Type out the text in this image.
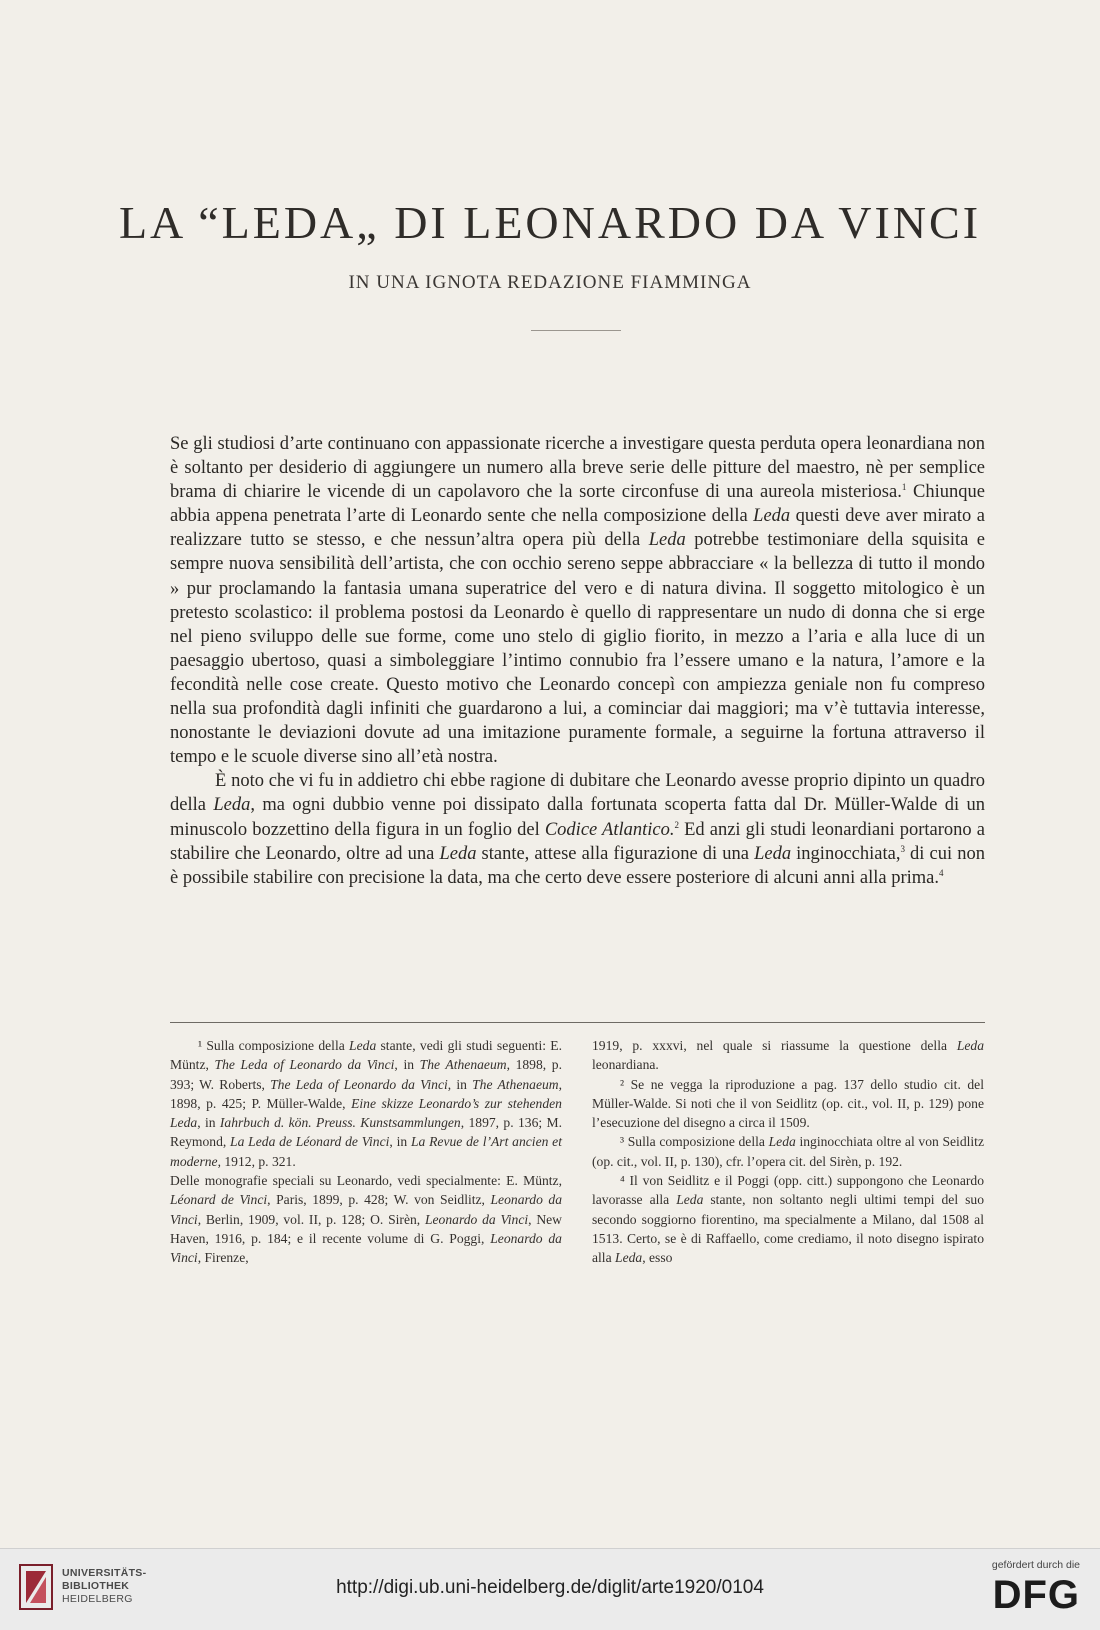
LA “LEDA„ DI LEONARDO DA VINCI
IN UNA IGNOTA REDAZIONE FIAMMINGA

Se gli studiosi d’arte continuano con appassionate ricerche a investigare questa perduta opera leonardiana non è soltanto per desiderio di aggiungere un numero alla breve serie delle pitture del maestro, nè per semplice brama di chiarire le vicende di un capolavoro che la sorte circonfuse di una aureola misteriosa.$^1$ Chiunque abbia appena penetrata l’arte di Leonardo sente che nella composizione della Leda questi deve aver mirato a realizzare tutto se stesso, e che nessun’altra opera più della Leda potrebbe testimoniare della squisita e sempre nuova sensibilità dell’artista, che con occhio sereno seppe abbracciare « la bellezza di tutto il mondo » pur proclamando la fantasia umana superatrice del vero e di natura divina. Il soggetto mitologico è un pretesto scolastico: il problema postosi da Leonardo è quello di rappresentare un nudo di donna che si erge nel pieno sviluppo delle sue forme, come uno stelo di giglio fiorito, in mezzo a l’aria e alla luce di un paesaggio ubertoso, quasi a simboleggiare l’intimo connubio fra l’essere umano e la natura, l’amore e la fecondità nelle cose create. Questo motivo che Leonardo concepì con ampiezza geniale non fu compreso nella sua profondità dagli infiniti che guardarono a lui, a cominciar dai maggiori; ma v’è tuttavia interesse, nonostante le deviazioni dovute ad una imitazione puramente formale, a seguirne la fortuna attraverso il tempo e le scuole diverse sino all’età nostra.

È noto che vi fu in addietro chi ebbe ragione di dubitare che Leonardo avesse proprio dipinto un quadro della Leda, ma ogni dubbio venne poi dissipato dalla fortunata scoperta fatta dal Dr. Müller-Walde di un minuscolo bozzettino della figura in un foglio del Codice Atlantico.$^2$ Ed anzi gli studi leonardiani portarono a stabilire che Leonardo, oltre ad una Leda stante, attese alla figurazione di una Leda inginocchiata,$^3$ di cui non è possibile stabilire con precisione la data, ma che certo deve essere posteriore di alcuni anni alla prima.$^4$

¹ Sulla composizione della Leda stante, vedi gli studi seguenti: E. Müntz, The Leda of Leonardo da Vinci, in The Athenaeum, 1898, p. 393; W. Roberts, The Leda of Leonardo da Vinci, in The Athenaeum, 1898, p. 425; P. Müller-Walde, Eine skizze Leonardo’s zur stehenden Leda, in Iahrbuch d. kön. Preuss. Kunstsammlungen, 1897, p. 136; M. Reymond, La Leda de Léonard de Vinci, in La Revue de l’Art ancien et moderne, 1912, p. 321.

Delle monografie speciali su Leonardo, vedi specialmente: E. Müntz, Léonard de Vinci, Paris, 1899, p. 428; W. von Seidlitz, Leonardo da Vinci, Berlin, 1909, vol. II, p. 128; O. Sirèn, Leonardo da Vinci, New Haven, 1916, p. 184; e il recente volume di G. Poggi, Leonardo da Vinci, Firenze,

1919, p. xxxvi, nel quale si riassume la questione della Leda leonardiana.

² Se ne vegga la riproduzione a pag. 137 dello studio cit. del Müller-Walde. Si noti che il von Seidlitz (op. cit., vol. II, p. 129) pone l’esecuzione del disegno a circa il 1509.

³ Sulla composizione della Leda inginocchiata oltre al von Seidlitz (op. cit., vol. II, p. 130), cfr. l’opera cit. del Sirèn, p. 192.

⁴ Il von Seidlitz e il Poggi (opp. citt.) suppongono che Leonardo lavorasse alla Leda stante, non soltanto negli ultimi tempi del suo secondo soggiorno fiorentino, ma specialmente a Milano, dal 1508 al 1513. Certo, se è di Raffaello, come crediamo, il noto disegno ispirato alla Leda, esso

UNIVERSITÄTS-
BIBLIOTHEK
HEIDELBERG
http://digi.ub.uni-heidelberg.de/diglit/arte1920/0104
gefördert durch die
DFG
